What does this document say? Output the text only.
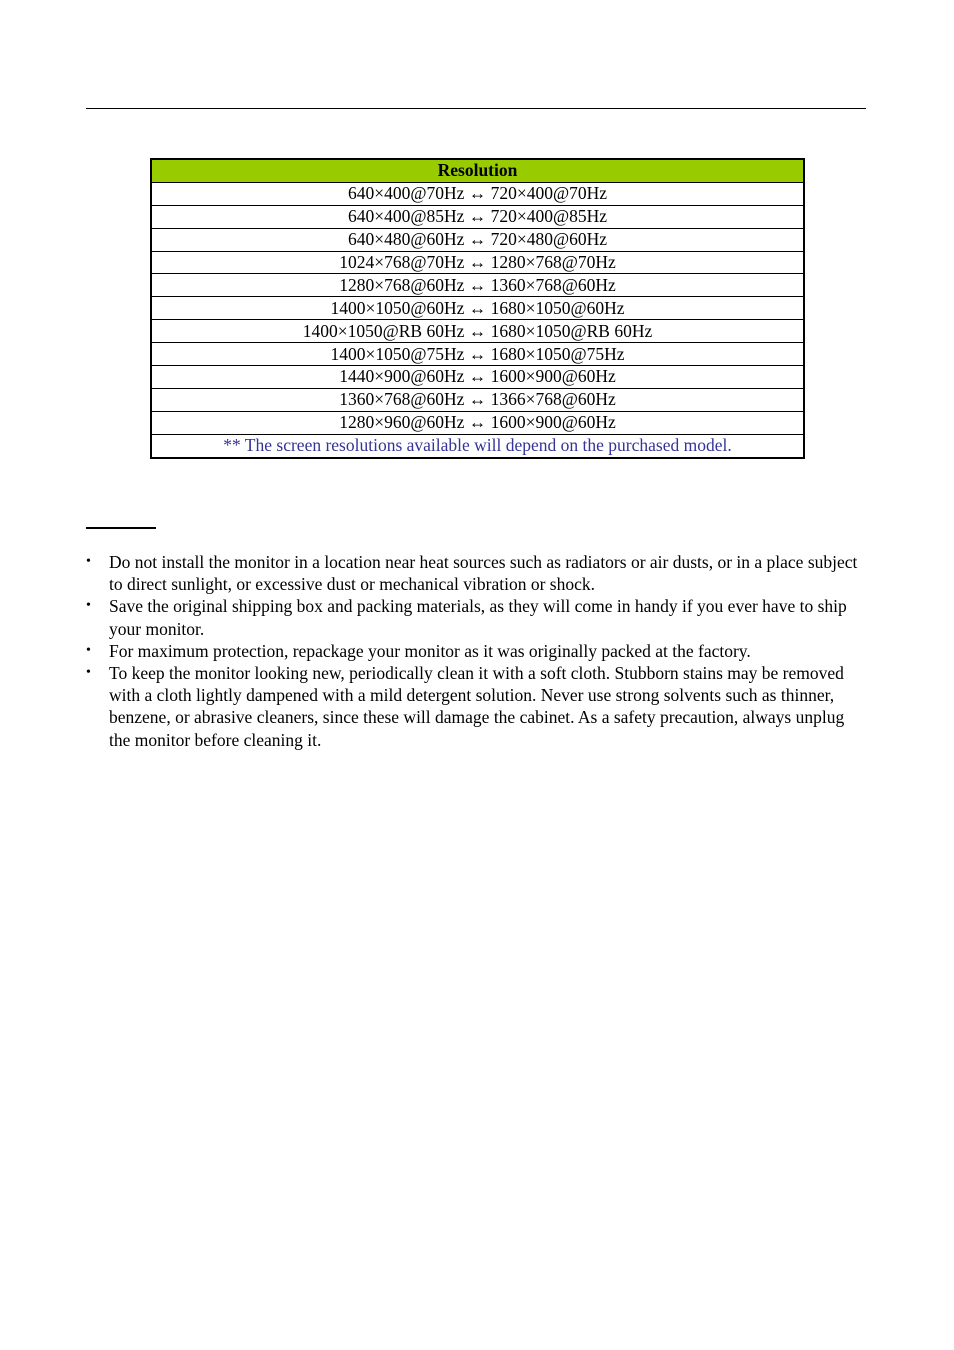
Resolution
640×400@70Hz ↔ 720×400@70Hz
640×400@85Hz ↔ 720×400@85Hz
640×480@60Hz ↔ 720×480@60Hz
1024×768@70Hz ↔ 1280×768@70Hz
1280×768@60Hz ↔ 1360×768@60Hz
1400×1050@60Hz ↔ 1680×1050@60Hz
1400×1050@RB 60Hz ↔ 1680×1050@RB 60Hz
1400×1050@75Hz ↔ 1680×1050@75Hz
1440×900@60Hz ↔ 1600×900@60Hz
1360×768@60Hz ↔ 1366×768@60Hz
1280×960@60Hz ↔ 1600×900@60Hz
** The screen resolutions available will depend on the purchased model.
• Do not install the monitor in a location near heat sources such as radiators or air dusts, or in a place subject to direct sunlight, or excessive dust or mechanical vibration or shock.
• Save the original shipping box and packing materials, as they will come in handy if you ever have to ship your monitor.
• For maximum protection, repackage your monitor as it was originally packed at the factory.
• To keep the monitor looking new, periodically clean it with a soft cloth. Stubborn stains may be removed with a cloth lightly dampened with a mild detergent solution. Never use strong solvents such as thinner, benzene, or abrasive cleaners, since these will damage the cabinet. As a safety precaution, always unplug the monitor before cleaning it.
